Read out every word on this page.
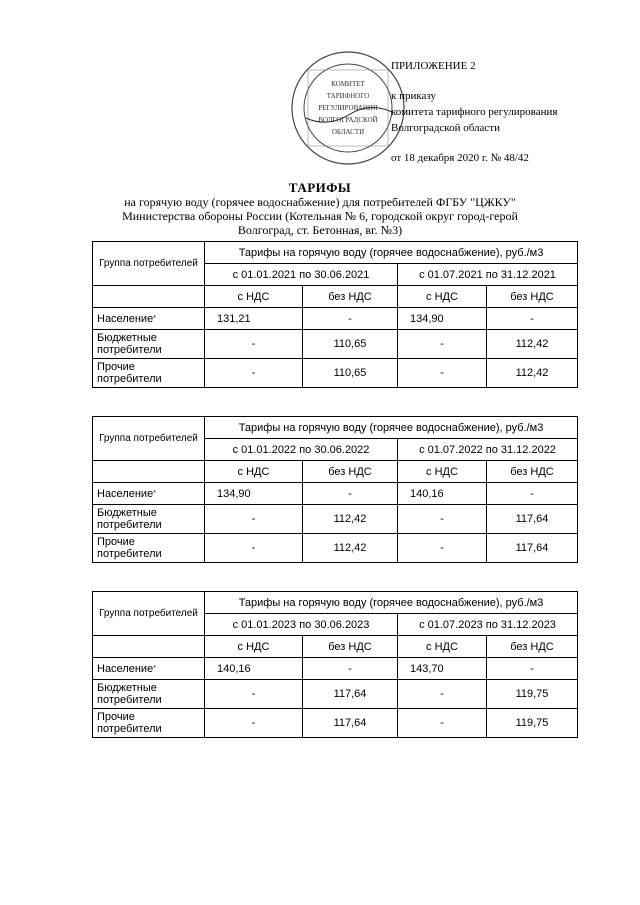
КОМИТЕТ
ТАРИФНОГО
РЕГУЛИРОВАНИЯ
ВОЛГОГРАДСКОЙ
ОБЛАСТИ
ПРИЛОЖЕНИЕ 2
к приказу
комитета тарифного регулирования
Волгоградской области
от 18 декабря 2020 г. № 48/42
ТАРИФЫ
на горячую воду (горячее водоснабжение) для потребителей ФГБУ "ЦЖКУ"
Министерства обороны России (Котельная № 6, городской округ город-герой
Волгоград, ст. Бетонная, вг. №3)
Группа потребителей	Тарифы на горячую воду (горячее водоснабжение), руб./м3			
	с 01.01.2021 по 30.06.2021		с 01.07.2021 по 31.12.2021	
	с НДС	без НДС	с НДС	без НДС
Население*	131,21	-	134,90	-
Бюджетные потребители	-	110,65	-	112,42
Прочие потребители	-	110,65	-	112,42
Группа потребителей	Тарифы на горячую воду (горячее водоснабжение), руб./м3			
	с 01.01.2022 по 30.06.2022		с 01.07.2022 по 31.12.2022	
	с НДС	без НДС	с НДС	без НДС
Население*	134,90	-	140,16	-
Бюджетные потребители	-	112,42	-	117,64
Прочие потребители	-	112,42	-	117,64
Группа потребителей	Тарифы на горячую воду (горячее водоснабжение), руб./м3			
	с 01.01.2023 по 30.06.2023		с 01.07.2023 по 31.12.2023	
	с НДС	без НДС	с НДС	без НДС
Население*	140,16	-	143,70	-
Бюджетные потребители	-	117,64	-	119,75
Прочие потребители	-	117,64	-	119,75
